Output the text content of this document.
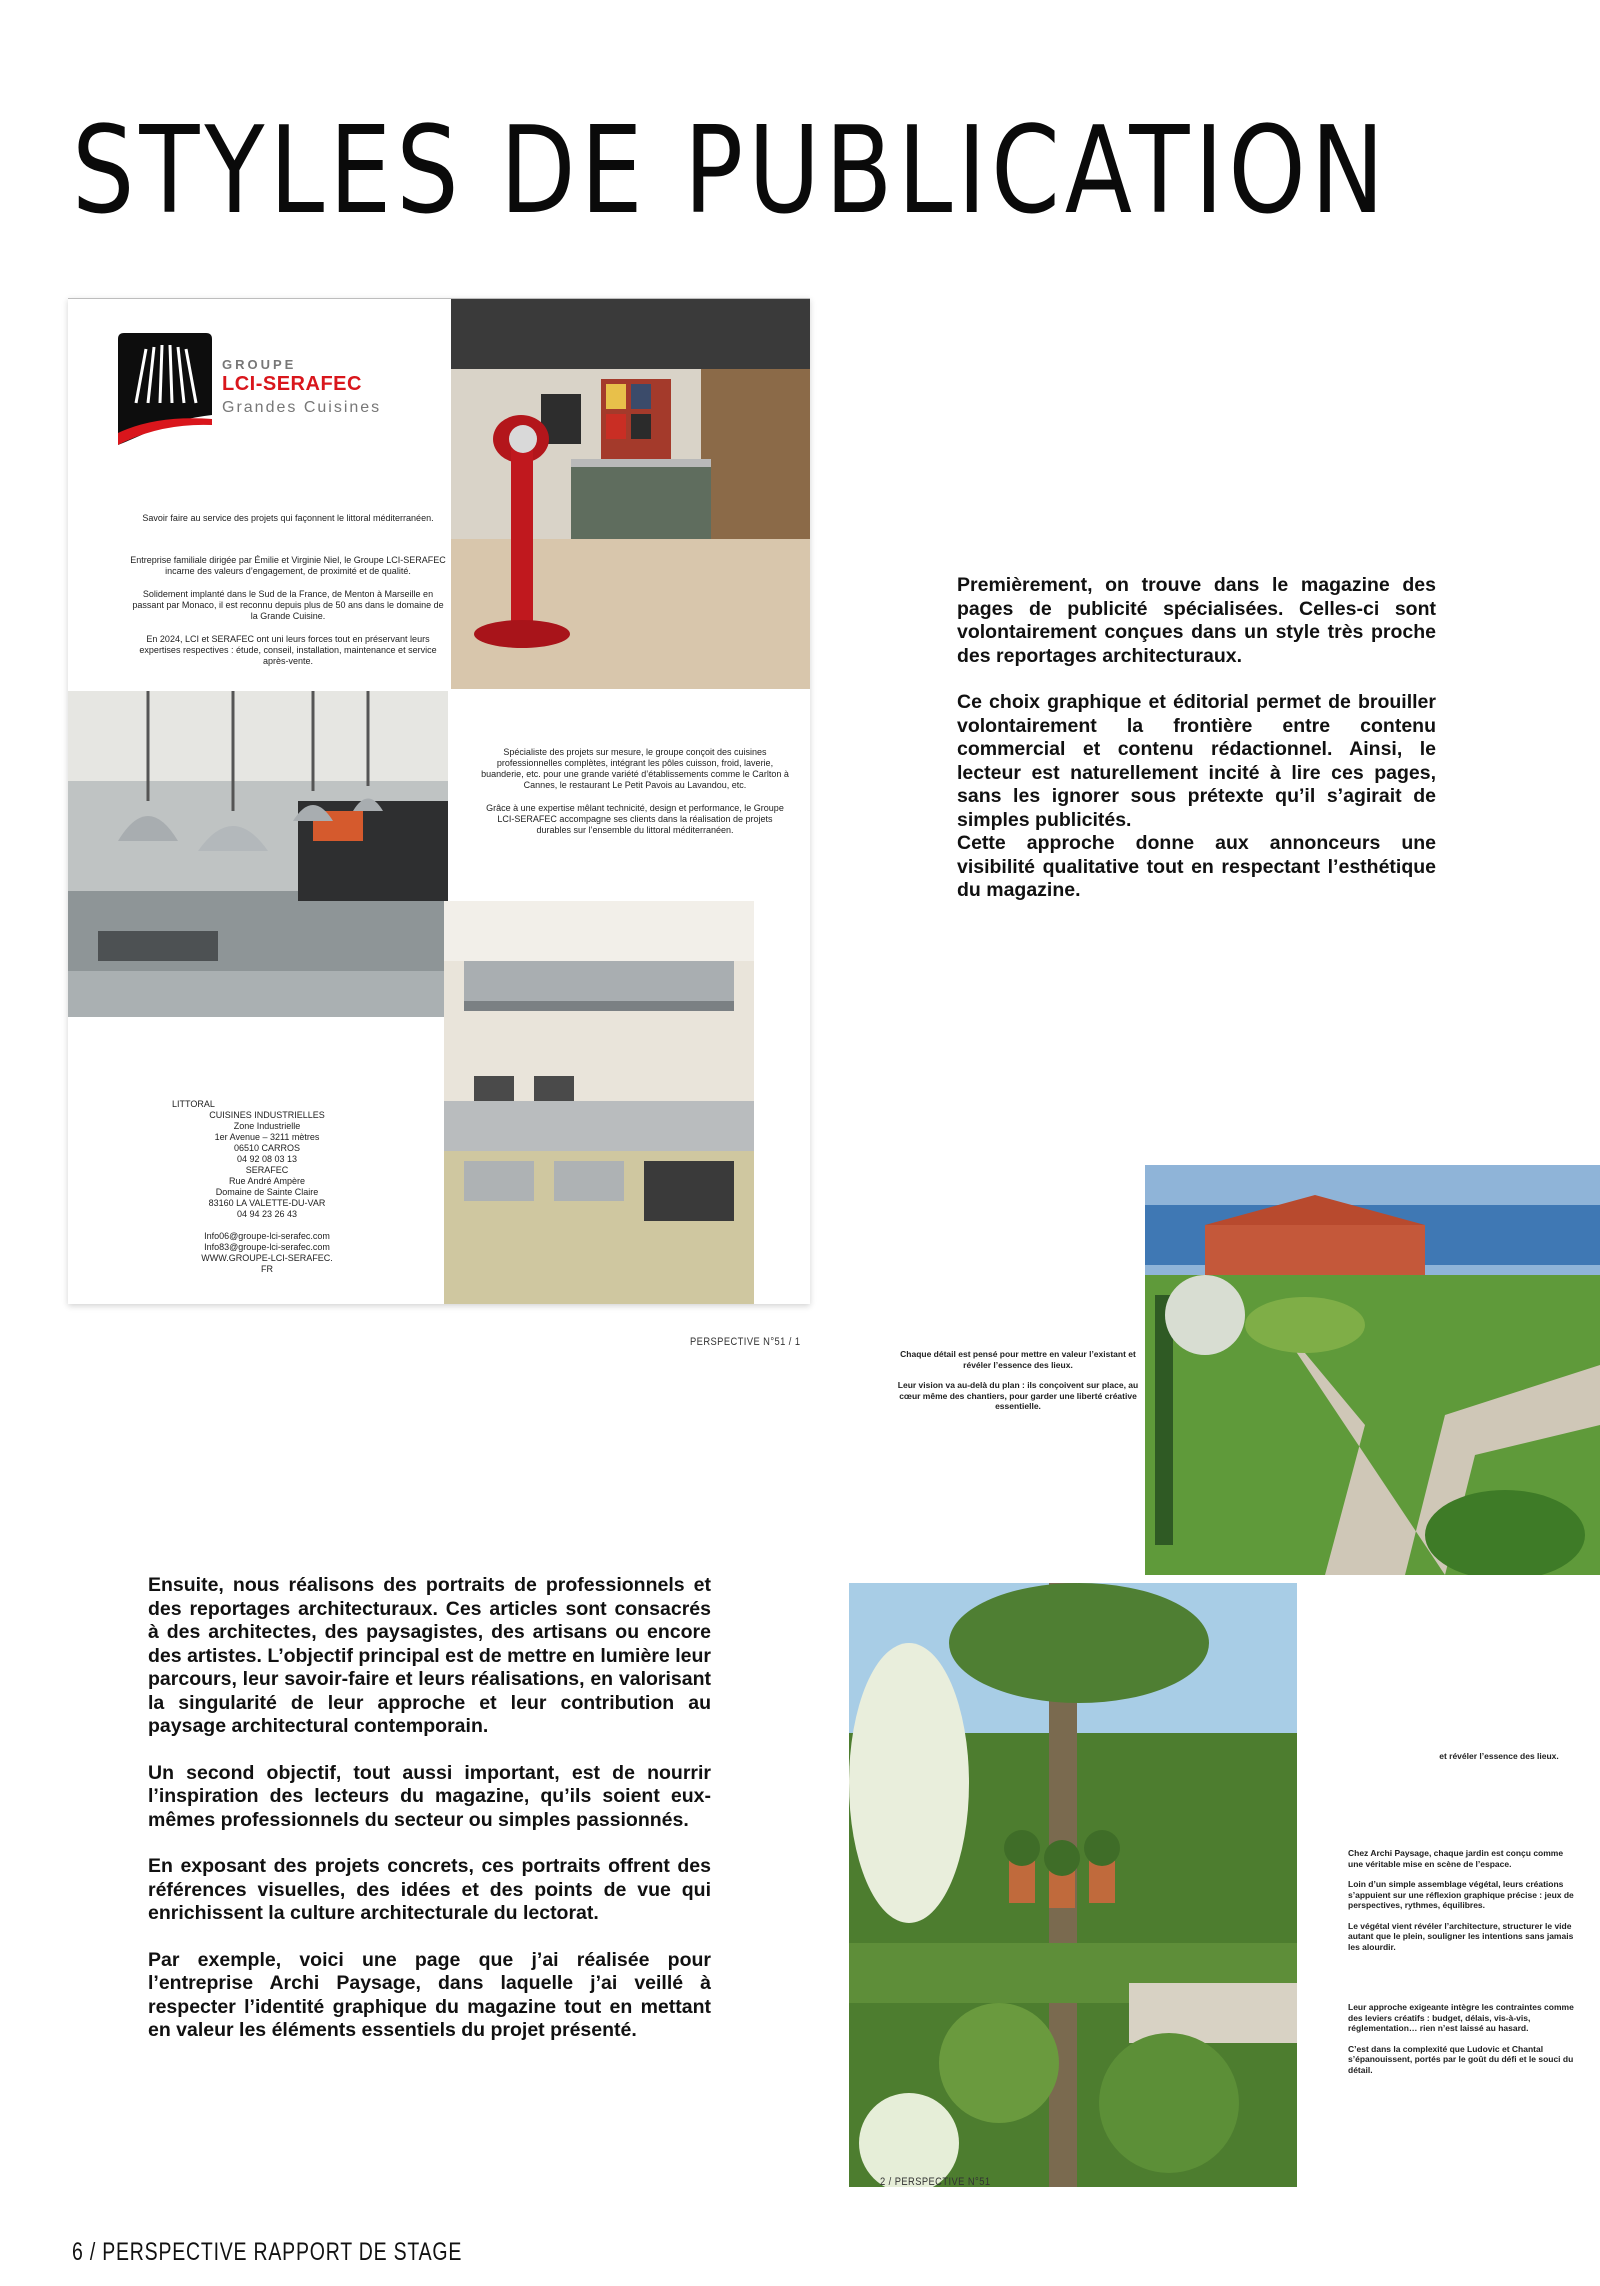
STYLES DE PUBLICATION
GROUPE
LCI-SERAFEC
Grandes Cuisines
Savoir faire au service des projets qui façonnent le littoral méditerranéen.

Entreprise familiale dirigée par Émilie et Virginie Niel, le Groupe LCI-SERAFEC incarne des valeurs d’engagement, de proximité et de qualité.

Solidement implanté dans le Sud de la France, de Menton à Marseille en passant par Monaco, il est reconnu depuis plus de 50 ans dans le domaine de la Grande Cuisine.

En 2024, LCI et SERAFEC ont uni leurs forces tout en préservant leurs expertises respectives : étude, conseil, installation, maintenance et service après-vente.

Spécialiste des projets sur mesure, le groupe conçoit des cuisines professionnelles complètes, intégrant les pôles cuisson, froid, laverie, buanderie, etc. pour une grande variété d’établissements comme le Carlton à Cannes, le restaurant Le Petit Pavois au Lavandou, etc.

Grâce à une expertise mêlant technicité, design et performance, le Groupe LCI-SERAFEC accompagne ses clients dans la réalisation de projets durables sur l’ensemble du littoral méditerranéen.

LITTORAL
CUISINES INDUSTRIELLES
Zone Industrielle
1er Avenue – 3211 mètres
06510 CARROS
04 92 08 03 13
SERAFEC
Rue André Ampère
Domaine de Sainte Claire
83160 LA VALETTE-DU-VAR
04 94 23 26 43
Info06@groupe-lci-serafec.com
Info83@groupe-lci-serafec.com
WWW.GROUPE-LCI-SERAFEC.
FR
PERSPECTIVE N°51 / 1

Premièrement, on trouve dans le magazine des pages de publicité spécialisées. Celles-ci sont volontairement conçues dans un style très proche des reportages architecturaux.

Ce choix graphique et éditorial permet de brouiller volontairement la frontière entre contenu commercial et contenu rédactionnel. Ainsi, le lecteur est naturellement incité à lire ces pages, sans les ignorer sous prétexte qu’il s’agirait de simples publicités.

Cette approche donne aux annonceurs une visibilité qualitative tout en respectant l’esthétique du magazine.

Ensuite, nous réalisons des portraits de professionnels et des reportages architecturaux. Ces articles sont consacrés à des architectes, des paysagistes, des artisans ou encore des artistes. L’objectif principal est de mettre en lumière leur parcours, leur savoir-faire et leurs réalisations, en valorisant la singularité de leur approche et leur contribution au paysage architectural contemporain.

Un second objectif, tout aussi important, est de nourrir l’inspiration des lecteurs du magazine, qu’ils soient eux-mêmes professionnels du secteur ou simples passionnés.

En exposant des projets concrets, ces portraits offrent des références visuelles, des idées et des points de vue qui enrichissent la culture architecturale du lectorat.

Par exemple, voici une page que j’ai réalisée pour l’entreprise Archi Paysage, dans laquelle j’ai veillé à respecter l’identité graphique du magazine tout en mettant en valeur les éléments essentiels du projet présenté.

Chaque détail est pensé pour mettre en valeur l’existant et révéler l’essence des lieux.

Leur vision va au-delà du plan : ils conçoivent sur place, au cœur même des chantiers, pour garder une liberté créative essentielle.

et révéler l’essence des lieux.

Chez Archi Paysage, chaque jardin est conçu comme une véritable mise en scène de l’espace.

Loin d’un simple assemblage végétal, leurs créations s’appuient sur une réflexion graphique précise : jeux de perspectives, rythmes, équilibres.

Le végétal vient révéler l’architecture, structurer le vide autant que le plein, souligner les intentions sans jamais les alourdir.

Leur approche exigeante intègre les contraintes comme des leviers créatifs : budget, délais, vis-à-vis, réglementation… rien n’est laissé au hasard.

C’est dans la complexité que Ludovic et Chantal s’épanouissent, portés par le goût du défi et le souci du détail.

2 / PERSPECTIVE N°51
6 / PERSPECTIVE RAPPORT DE STAGE
